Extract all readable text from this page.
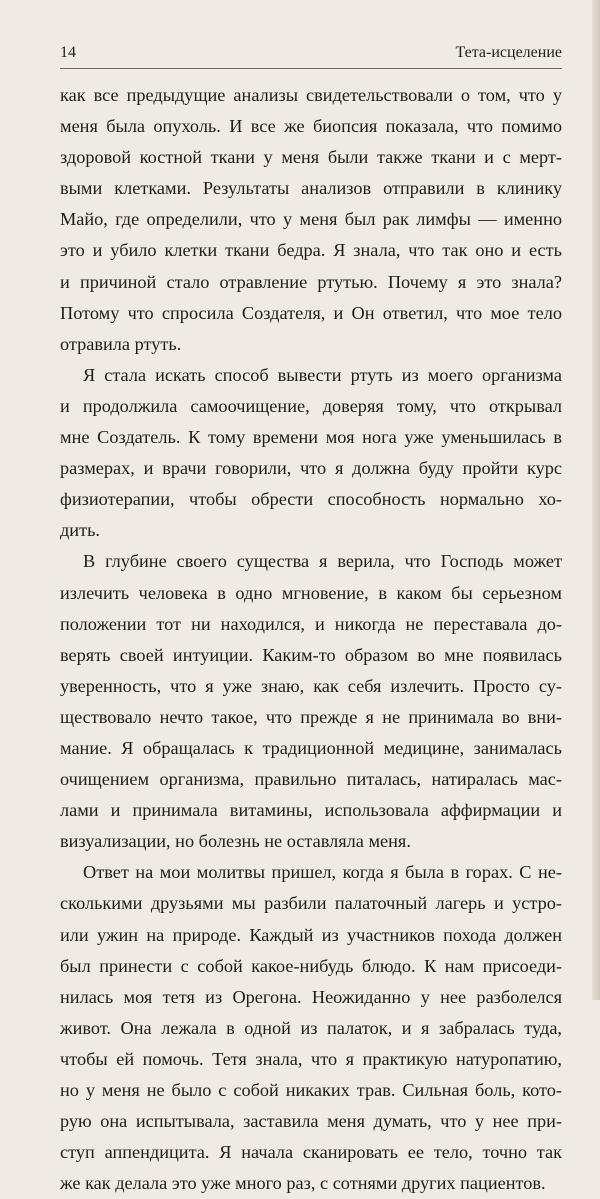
14	Тета-исцеление
как все предыдущие анализы свидетельствовали о том, что у
меня была опухоль. И все же биопсия показала, что помимо
здоровой костной ткани у меня были также ткани и с мерт-
выми клетками. Результаты анализов отправили в клинику
Майо, где определили, что у меня был рак лимфы — именно
это и убило клетки ткани бедра. Я знала, что так оно и есть
и причиной стало отравление ртутью. Почему я это знала?
Потому что спросила Создателя, и Он ответил, что мое тело
отравила ртуть.
Я стала искать способ вывести ртуть из моего организма
и продолжила самоочищение, доверяя тому, что открывал
мне Создатель. К тому времени моя нога уже уменьшилась в
размерах, и врачи говорили, что я должна буду пройти курс
физиотерапии, чтобы обрести способность нормально хо-
дить.
В глубине своего существа я верила, что Господь может
излечить человека в одно мгновение, в каком бы серьезном
положении тот ни находился, и никогда не переставала до-
верять своей интуиции. Каким-то образом во мне появилась
уверенность, что я уже знаю, как себя излечить. Просто су-
ществовало нечто такое, что прежде я не принимала во вни-
мание. Я обращалась к традиционной медицине, занималась
очищением организма, правильно питалась, натиралась мас-
лами и принимала витамины, использовала аффирмации и
визуализации, но болезнь не оставляла меня.
Ответ на мои молитвы пришел, когда я была в горах. С не-
сколькими друзьями мы разбили палаточный лагерь и устро-
или ужин на природе. Каждый из участников похода должен
был принести с собой какое-нибудь блюдо. К нам присоеди-
нилась моя тетя из Орегона. Неожиданно у нее разболелся
живот. Она лежала в одной из палаток, и я забралась туда,
чтобы ей помочь. Тетя знала, что я практикую натуропатию,
но у меня не было с собой никаких трав. Сильная боль, кото-
рую она испытывала, заставила меня думать, что у нее при-
ступ аппендицита. Я начала сканировать ее тело, точно так
же как делала это уже много раз, с сотнями других пациентов.
